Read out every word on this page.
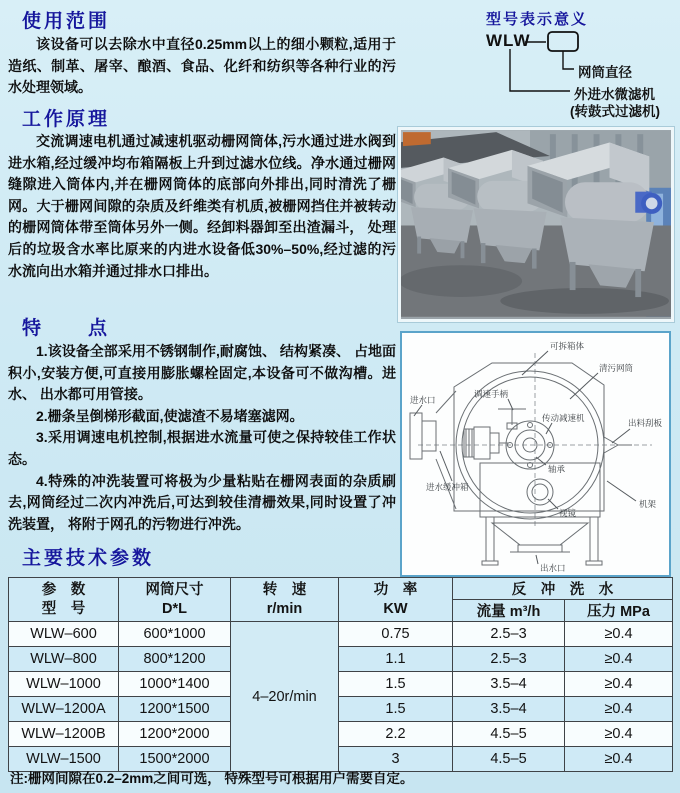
使用范围

该设备可以去除水中直径0.25mm以上的细小颗粒,适用于造纸、制革、屠宰、酿酒、食品、化纤和纺织等各种行业的污水处理领域。

工作原理

交流调速电机通过减速机驱动栅网筒体,污水通过进水阀到进水箱,经过缓冲均布箱隔板上升到过滤水位线。净水通过栅网缝隙进入筒体内,并在栅网筒体的底部向外排出,同时清洗了栅网。大于栅网间隙的杂质及纤维类有机质,被栅网挡住并被转动的栅网筒体带至筒体另外一侧。经卸料器卸至出渣漏斗， 处理后的垃圾含水率比原来的内进水设备低30%–50%,经过滤的污水流向出水箱并通过排水口排出。

特　　点

1.该设备全部采用不锈钢制作,耐腐蚀、 结构紧凑、 占地面积小,安装方便,可直接用膨胀螺栓固定,本设备可不做沟槽。进水、 出水都可用管接。

2.栅条呈倒梯形截面,使滤渣不易堵塞滤网。

3.采用调速电机控制,根据进水流量可使之保持较佳工作状态。

4.特殊的冲洗装置可将极为少量粘贴在栅网表面的杂质刷去,网筒经过二次内冲洗后,可达到较佳清栅效果,同时设置了冲洗装置， 将附于网孔的污物进行冲洗。

主要技术参数
型号表示意义
WLW
网筒直径
外进水微滤机
(转鼓式过滤机)
可拆箱体
清污网筒
调速手柄
传动减速机	出料刮板
进水口
进水缓冲箱
轴承
视镜
机架
出水口
参　数
型　号

网筒尺寸
D*L

转　速
r/min

功　率
KW
	反　冲　洗　水
				流量 m³/h	压力 MPa
WLW–600	600*1000	4–20r/min	0.75	2.5–3	≥0.4
WLW–800	800*1200		1.1	2.5–3	≥0.4
WLW–1000	1000*1400		1.5	3.5–4	≥0.4
WLW–1200A	1200*1500		1.5	3.5–4	≥0.4
WLW–1200B	1200*2000		2.2	4.5–5	≥0.4
WLW–1500	1500*2000		3	4.5–5	≥0.4
注:栅网间隙在0.2–2mm之间可选， 特殊型号可根据用户需要自定。
